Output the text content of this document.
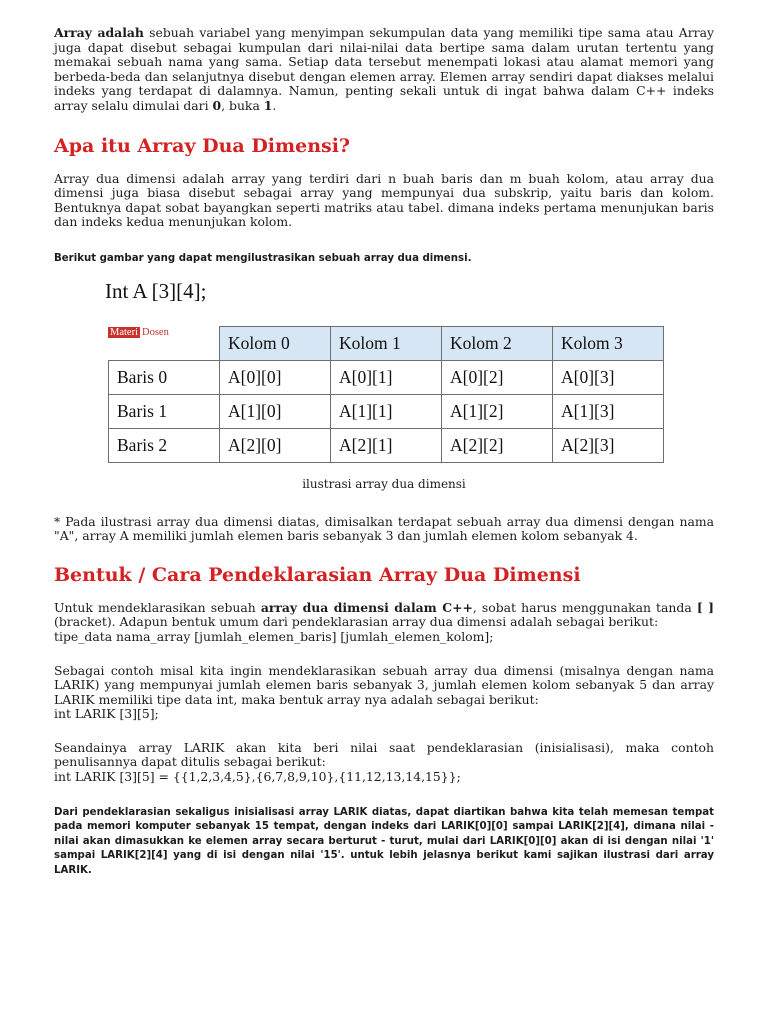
Array adalah sebuah variabel yang menyimpan sekumpulan data yang memiliki tipe sama atau Array juga dapat disebut sebagai kumpulan dari nilai-nilai data bertipe sama dalam urutan tertentu yang memakai sebuah nama yang sama. Setiap data tersebut menempati lokasi atau alamat memori yang berbeda-beda dan selanjutnya disebut dengan elemen array. Elemen array sendiri dapat diakses melalui indeks yang terdapat di dalamnya. Namun, penting sekali untuk di ingat bahwa dalam C++ indeks array selalu dimulai dari 0, buka 1.

Apa itu Array Dua Dimensi?

Array dua dimensi adalah array yang terdiri dari n buah baris dan m buah kolom, atau array dua dimensi juga biasa disebut sebagai array yang mempunyai dua subskrip, yaitu baris dan kolom. Bentuknya dapat sobat bayangkan seperti matriks atau tabel. dimana indeks pertama menunjukan baris dan indeks kedua menunjukan kolom.

Berikut gambar yang dapat mengilustrasikan sebuah array dua dimensi.

Int A [3][4];
Materi Dosen
	Kolom 0	Kolom 1	Kolom 2	Kolom 3
Baris 0	A[0][0]	A[0][1]	A[0][2]	A[0][3]
Baris 1	A[1][0]	A[1][1]	A[1][2]	A[1][3]
Baris 2	A[2][0]	A[2][1]	A[2][2]	A[2][3]

ilustrasi array dua dimensi

* Pada ilustrasi array dua dimensi diatas, dimisalkan terdapat sebuah array dua dimensi dengan nama "A", array A memiliki jumlah elemen baris sebanyak 3 dan jumlah elemen kolom sebanyak 4.

Bentuk / Cara Pendeklarasian Array Dua Dimensi

Untuk mendeklarasikan sebuah array dua dimensi dalam C++, sobat harus menggunakan tanda [ ] (bracket). Adapun bentuk umum dari pendeklarasian array dua dimensi adalah sebagai berikut:

tipe_data nama_array [jumlah_elemen_baris] [jumlah_elemen_kolom];

Sebagai contoh misal kita ingin mendeklarasikan sebuah array dua dimensi (misalnya dengan nama LARIK) yang mempunyai jumlah elemen baris sebanyak 3, jumlah elemen kolom sebanyak 5 dan array LARIK memiliki tipe data int, maka bentuk array nya adalah sebagai berikut:

int LARIK [3][5];

Seandainya array LARIK akan kita beri nilai saat pendeklarasian (inisialisasi), maka contoh penulisannya dapat ditulis sebagai berikut:

int LARIK [3][5] = {{1,2,3,4,5},{6,7,8,9,10},{11,12,13,14,15}};

Dari pendeklarasian sekaligus inisialisasi array LARIK diatas, dapat diartikan bahwa kita telah memesan tempat pada memori komputer sebanyak 15 tempat, dengan indeks dari LARIK[0][0] sampai LARIK[2][4], dimana nilai - nilai akan dimasukkan ke elemen array secara berturut - turut, mulai dari LARIK[0][0] akan di isi dengan nilai '1' sampai LARIK[2][4] yang di isi dengan nilai '15'. untuk lebih jelasnya berikut kami sajikan ilustrasi dari array LARIK.
